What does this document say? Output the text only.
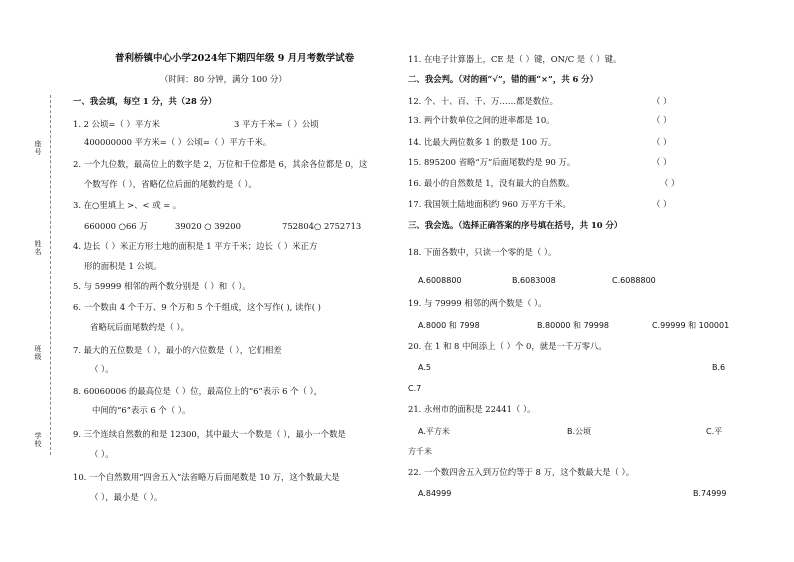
座号
姓名
班级
学校
普利桥镇中心小学2024年下期四年级 9 月月考数学试卷
（时间：80 分钟，满分 100 分）
一、我会填，每空 1 分，共（28 分）
1. 2 公顷=（ ）平方米	3 平方千米=（ ）公顷
400000000 平方米=（ ）公顷=（ ）平方千米。
2. 一个九位数，最高位上的数字是 2，万位和千位都是 6，其余各位都是 0，这
个数写作（ ），省略亿位后面的尾数约是（ ）。
3. 在○里填上 >、< 或 = 。
660000 ○66 万	39020 ○ 39200	752804○ 2752713
4. 边长（ ）米正方形土地的面积是 1 平方千米；边长（ ）米正方
形的面积是 1 公顷。
5. 与 59999 相邻的两个数分别是（ ）和（ ）。
6. 一个数由 4 个千万、9 个万和 5 个千组成，这个写作( ), 读作( )
省略玩后面尾数约是（ ）。
7. 最大的五位数是（ ），最小的六位数是（ ），它们相差
（ ）。
8. 60060006 的最高位是（ ）位，最高位上的“6”表示 6 个（ ），
中间的“6”表示 6 个（ ）。
9. 三个连续自然数的和是 12300，其中最大一个数是（ ），最小一个数是
（ ）。
10. 一个自然数用“四舍五入”法省略万后面尾数是 10 万，这个数最大是
（ ），最小是（ ）。
11. 在电子计算器上，CE 是（ ）键，ON/C 是（ ）键。
二、我会判。（对的画“√”，错的画“×”，共 6 分）
12. 个、十、百、千、万……都是数位。	（ ）
13. 两个计数单位之间的进率都是 10。	（ ）
14. 比最大两位数多 1 的数是 100 万。	（ ）
15. 895200 省略“万”后面尾数约是 90 万。	（ ）
16. 最小的自然数是 1，没有最大的自然数。	（ ）
17. 我国领土陆地面积约 960 万平方千米。	（ ）
三、我会选。（选择正确答案的序号填在括号，共 10 分）
18. 下面各数中，只读一个零的是（ ）。
A.6008800	B.6083008	C.6088800
19. 与 79999 相邻的两个数是（ ）。
A.8000 和 7998	B.80000 和 79998	C.99999 和 100001
20. 在 1 和 8 中间添上（ ）个 0，就是一千万零八。
A.5	B.6
C.7
21. 永州市的面积是 22441（ ）。
A.平方米	B.公顷	C.平
方千米
22. 一个数四舍五入到万位约等于 8 万，这个数最大是（ ）。
A.84999	B.74999
